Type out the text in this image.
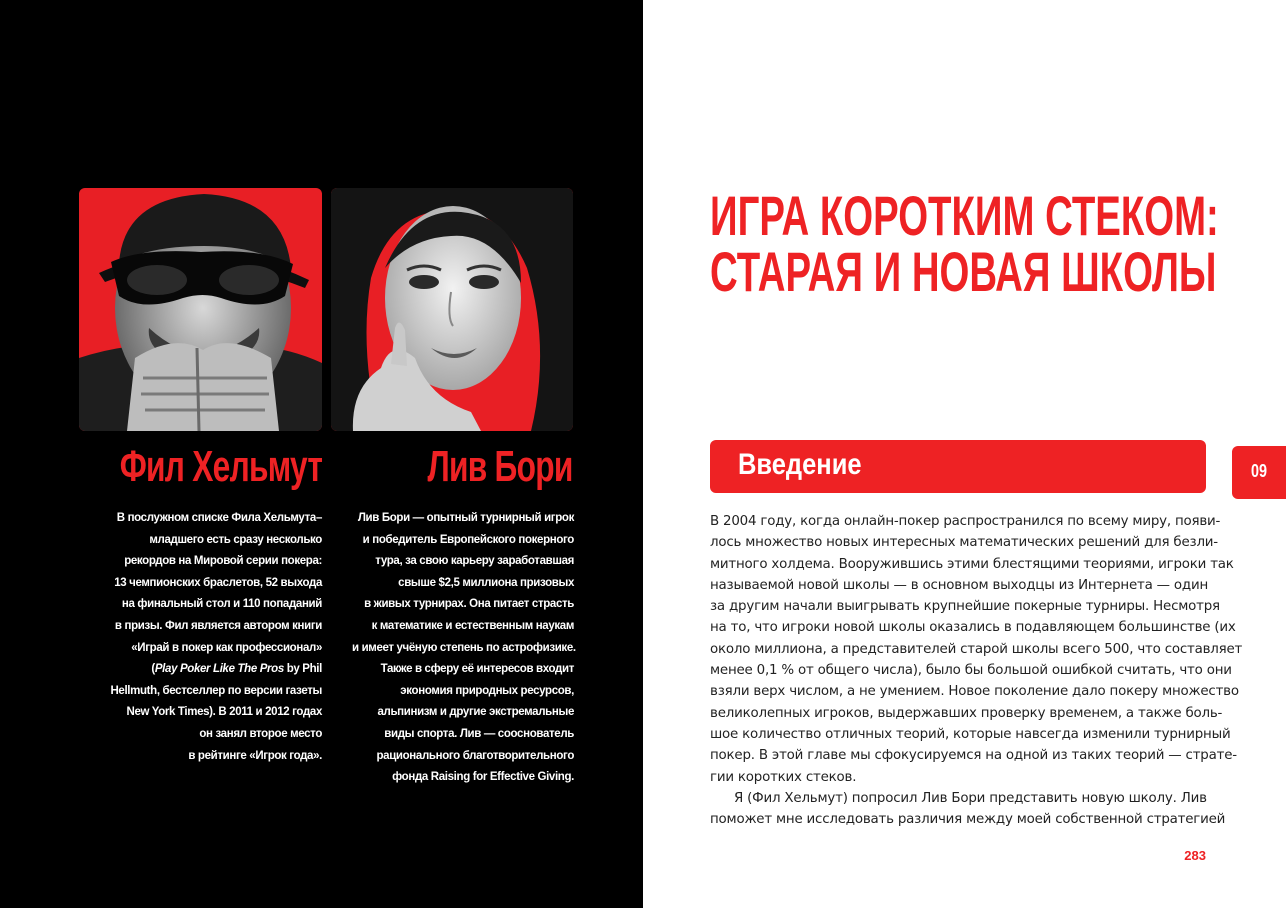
Фил Хельмут Лив Бори
В послужном списке Фила Хельмута–
младшего есть сразу несколько
рекордов на Мировой серии покера:
13 чемпионских браслетов, 52 выхода
на финальный стол и 110 попаданий
в призы. Фил является автором книги
«Играй в покер как профессионал»
(Play Poker Like The Pros by Phil
Hellmuth, бестселлер по версии газеты
New York Times). В 2011 и 2012 годах
он занял второе место
в рейтинге «Игрок года».
Лив Бори — опытный турнирный игрок
и победитель Европейского покерного
тура, за свою карьеру заработавшая
свыше $2,5 миллиона призовых
в живых турнирах. Она питает страсть
к математике и естественным наукам
и имеет учёную степень по астрофизике.
Также в сферу её интересов входит
экономия природных ресурсов,
альпинизм и другие экстремальные
виды спорта. Лив — сооснователь
рационального благотворительного
фонда Raising for Effective Giving.
ИГРА КОРОТКИМ СТЕКОМ:
СТАРАЯ И НОВАЯ ШКОЛЫ
Введение	09
В 2004 году, когда онлайн-покер распространился по всему миру, появи-
лось множество новых интересных математических решений для безли-
митного холдема. Вооружившись этими блестящими теориями, игроки так
называемой новой школы — в основном выходцы из Интернета — один
за другим начали выигрывать крупнейшие покерные турниры. Несмотря
на то, что игроки новой школы оказались в подавляющем большинстве (их
около миллиона, а представителей старой школы всего 500, что составляет
менее 0,1 % от общего числа), было бы большой ошибкой считать, что они
взяли верх числом, а не умением. Новое поколение дало покеру множество
великолепных игроков, выдержавших проверку временем, а также боль-
шое количество отличных теорий, которые навсегда изменили турнирный
покер. В этой главе мы сфокусируемся на одной из таких теорий — страте-
гии коротких стеков.
Я (Фил Хельмут) попросил Лив Бори представить новую школу. Лив
поможет мне исследовать различия между моей собственной стратегией
283
